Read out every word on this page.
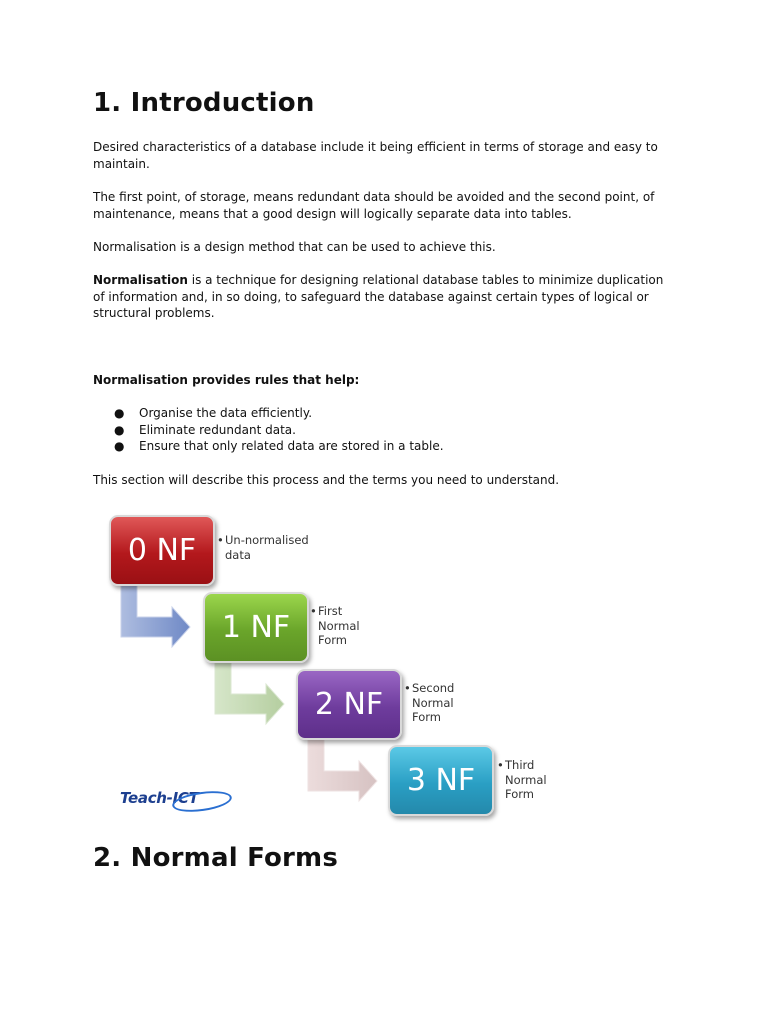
1. Introduction

Desired characteristics of a database include it being efficient in terms of storage and easy to maintain.

The first point, of storage, means redundant data should be avoided and the second point, of maintenance, means that a good design will logically separate data into tables.

Normalisation is a design method that can be used to achieve this.

Normalisation is a technique for designing relational database tables to minimize duplication of information and, in so doing, to safeguard the database against certain types of logical or structural problems.

Normalisation provides rules that help:

● Organise the data efficiently.
● Eliminate redundant data.
● Ensure that only related data are stored in a table.

This section will describe this process and the terms you need to understand.

2. Normal Forms
0 NF
1 NF
2 NF
3 NF
• Un-normalised
data
• First
Normal
Form
• Second
Normal
Form
• Third
Normal
Form
Teach-ICT
